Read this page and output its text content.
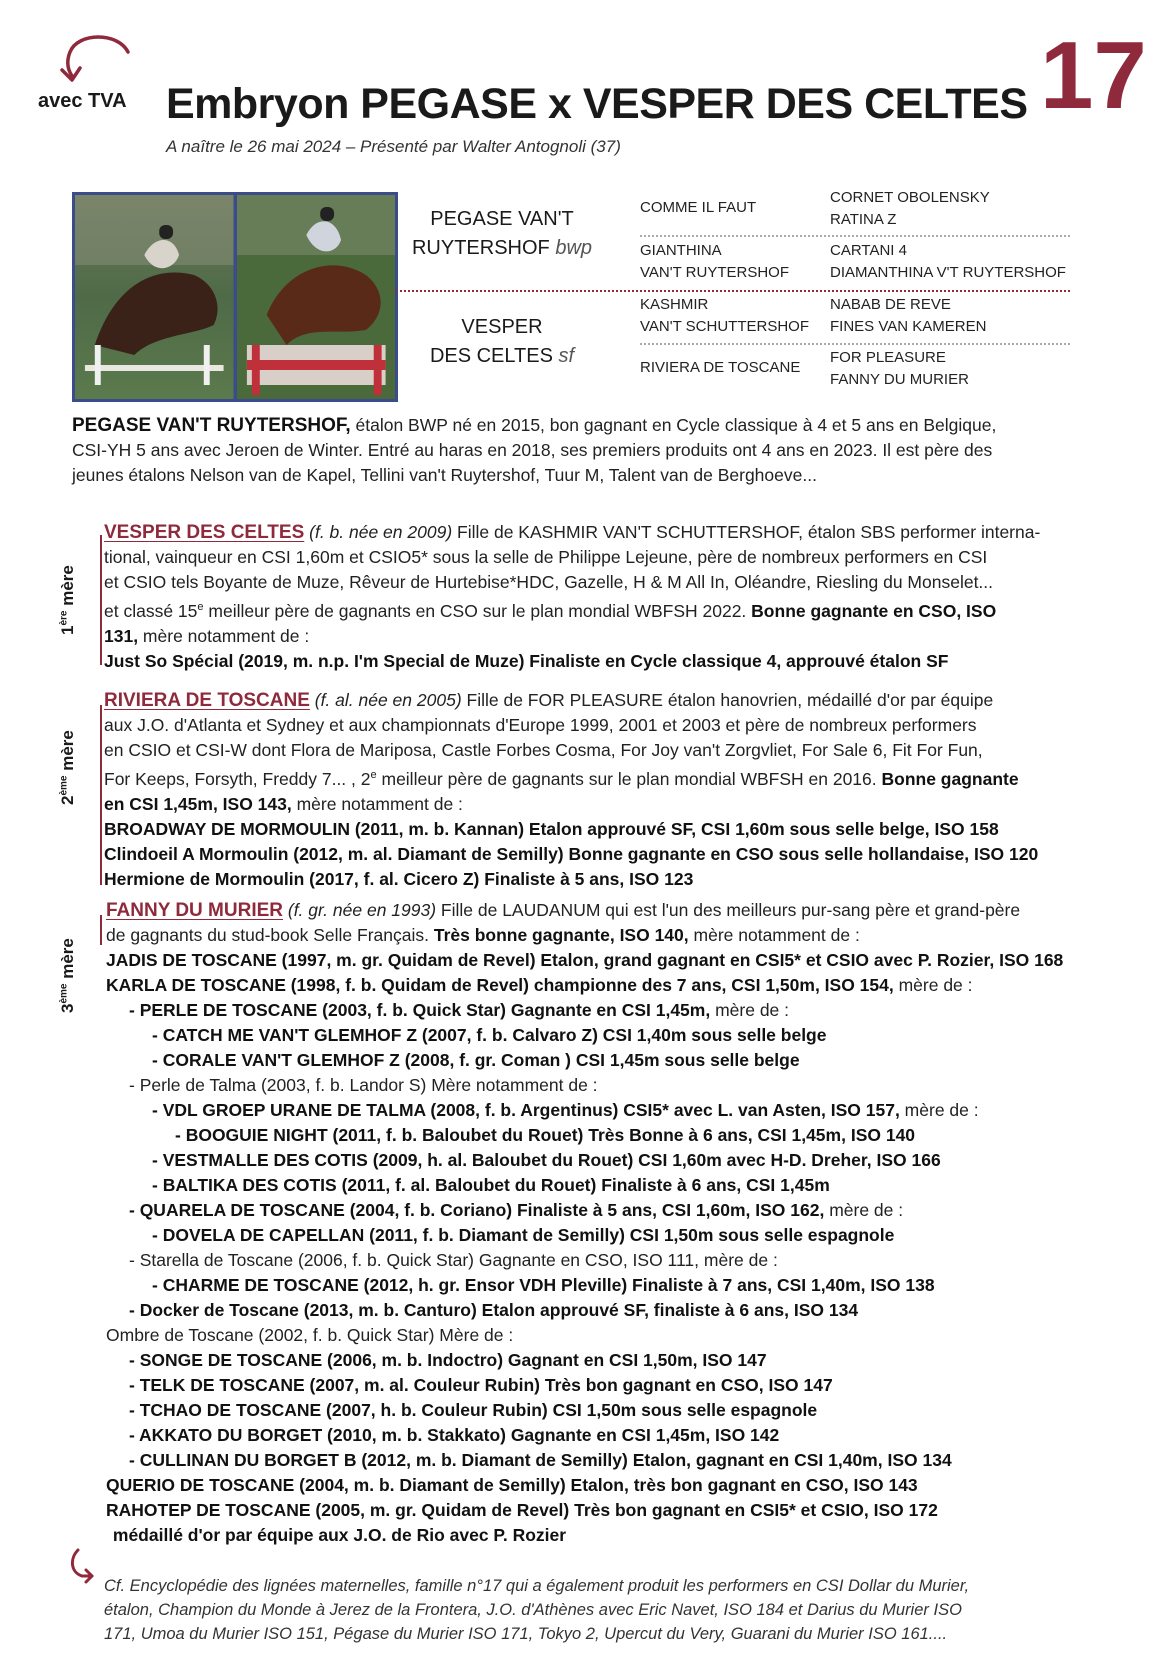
avec TVA Embryon PEGASE x VESPER DES CELTES 17
A naître le 26 mai 2024 – Présenté par Walter Antognoli (37)
PEGASE VAN'T
RUYTERSHOF bwp
VESPER
DES CELTES sf
COMME IL FAUT
GIANTHINA
VAN'T RUYTERSHOF
KASHMIR
VAN'T SCHUTTERSHOF
RIVIERA DE TOSCANE
CORNET OBOLENSKY
RATINA Z
CARTANI 4
DIAMANTHINA V'T RUYTERSHOF
NABAB DE REVE
FINES VAN KAMEREN
FOR PLEASURE
FANNY DU MURIER
PEGASE VAN'T RUYTERSHOF, étalon BWP né en 2015, bon gagnant en Cycle classique à 4 et 5 ans en Belgique,
CSI-YH 5 ans avec Jeroen de Winter. Entré au haras en 2018, ses premiers produits ont 4 ans en 2023. Il est père des
jeunes étalons Nelson van de Kapel, Tellini van't Ruytershof, Tuur M, Talent van de Berghoeve...
1ère mère
VESPER DES CELTES (f. b. née en 2009) Fille de KASHMIR VAN'T SCHUTTERSHOF, étalon SBS performer interna-
tional, vainqueur en CSI 1,60m et CSIO5* sous la selle de Philippe Lejeune, père de nombreux performers en CSI
et CSIO tels Boyante de Muze, Rêveur de Hurtebise*HDC, Gazelle, H & M All In, Oléandre, Riesling du Monselet...
et classé 15e meilleur père de gagnants en CSO sur le plan mondial WBFSH 2022. Bonne gagnante en CSO, ISO
131, mère notamment de :
Just So Spécial (2019, m. n.p. I'm Special de Muze) Finaliste en Cycle classique 4, approuvé étalon SF
2ème mère
RIVIERA DE TOSCANE (f. al. née en 2005) Fille de FOR PLEASURE étalon hanovrien, médaillé d'or par équipe
aux J.O. d'Atlanta et Sydney et aux championnats d'Europe 1999, 2001 et 2003 et père de nombreux performers
en CSIO et CSI-W dont Flora de Mariposa, Castle Forbes Cosma, For Joy van't Zorgvliet, For Sale 6, Fit For Fun,
For Keeps, Forsyth, Freddy 7... , 2e meilleur père de gagnants sur le plan mondial WBFSH en 2016. Bonne gagnante
en CSI 1,45m, ISO 143, mère notamment de :
BROADWAY DE MORMOULIN (2011, m. b. Kannan) Etalon approuvé SF, CSI 1,60m sous selle belge, ISO 158
Clindoeil A Mormoulin (2012, m. al. Diamant de Semilly) Bonne gagnante en CSO sous selle hollandaise, ISO 120
Hermione de Mormoulin (2017, f. al. Cicero Z) Finaliste à 5 ans, ISO 123
3ème mère
FANNY DU MURIER (f. gr. née en 1993) Fille de LAUDANUM qui est l'un des meilleurs pur-sang père et grand-père
de gagnants du stud-book Selle Français. Très bonne gagnante, ISO 140, mère notamment de :
JADIS DE TOSCANE (1997, m. gr. Quidam de Revel) Etalon, grand gagnant en CSI5* et CSIO avec P. Rozier, ISO 168
KARLA DE TOSCANE (1998, f. b. Quidam de Revel) championne des 7 ans, CSI 1,50m, ISO 154, mère de :
- PERLE DE TOSCANE (2003, f. b. Quick Star) Gagnante en CSI 1,45m, mère de :
- CATCH ME VAN'T GLEMHOF Z (2007, f. b. Calvaro Z) CSI 1,40m sous selle belge
- CORALE VAN'T GLEMHOF Z (2008, f. gr. Coman ) CSI 1,45m sous selle belge
- Perle de Talma (2003, f. b. Landor S) Mère notamment de :
- VDL GROEP URANE DE TALMA (2008, f. b. Argentinus) CSI5* avec L. van Asten, ISO 157, mère de :
- BOOGUIE NIGHT (2011, f. b. Baloubet du Rouet) Très Bonne à 6 ans, CSI 1,45m, ISO 140
- VESTMALLE DES COTIS (2009, h. al. Baloubet du Rouet) CSI 1,60m avec H-D. Dreher, ISO 166
- BALTIKA DES COTIS (2011, f. al. Baloubet du Rouet) Finaliste à 6 ans, CSI 1,45m
- QUARELA DE TOSCANE (2004, f. b. Coriano) Finaliste à 5 ans, CSI 1,60m, ISO 162, mère de :
- DOVELA DE CAPELLAN (2011, f. b. Diamant de Semilly) CSI 1,50m sous selle espagnole
- Starella de Toscane (2006, f. b. Quick Star) Gagnante en CSO, ISO 111, mère de :
- CHARME DE TOSCANE (2012, h. gr. Ensor VDH Pleville) Finaliste à 7 ans, CSI 1,40m, ISO 138
- Docker de Toscane (2013, m. b. Canturo) Etalon approuvé SF, finaliste à 6 ans, ISO 134
Ombre de Toscane (2002, f. b. Quick Star) Mère de :
- SONGE DE TOSCANE (2006, m. b. Indoctro) Gagnant en CSI 1,50m, ISO 147
- TELK DE TOSCANE (2007, m. al. Couleur Rubin) Très bon gagnant en CSO, ISO 147
- TCHAO DE TOSCANE (2007, h. b. Couleur Rubin) CSI 1,50m sous selle espagnole
- AKKATO DU BORGET (2010, m. b. Stakkato) Gagnante en CSI 1,45m, ISO 142
- CULLINAN DU BORGET B (2012, m. b. Diamant de Semilly) Etalon, gagnant en CSI 1,40m, ISO 134
QUERIO DE TOSCANE (2004, m. b. Diamant de Semilly) Etalon, très bon gagnant en CSO, ISO 143
RAHOTEP DE TOSCANE (2005, m. gr. Quidam de Revel) Très bon gagnant en CSI5* et CSIO, ISO 172
médaillé d'or par équipe aux J.O. de Rio avec P. Rozier
Cf. Encyclopédie des lignées maternelles, famille n°17 qui a également produit les performers en CSI Dollar du Murier,
étalon, Champion du Monde à Jerez de la Frontera, J.O. d'Athènes avec Eric Navet, ISO 184 et Darius du Murier ISO
171, Umoa du Murier ISO 151, Pégase du Murier ISO 171, Tokyo 2, Upercut du Very, Guarani du Murier ISO 161....
